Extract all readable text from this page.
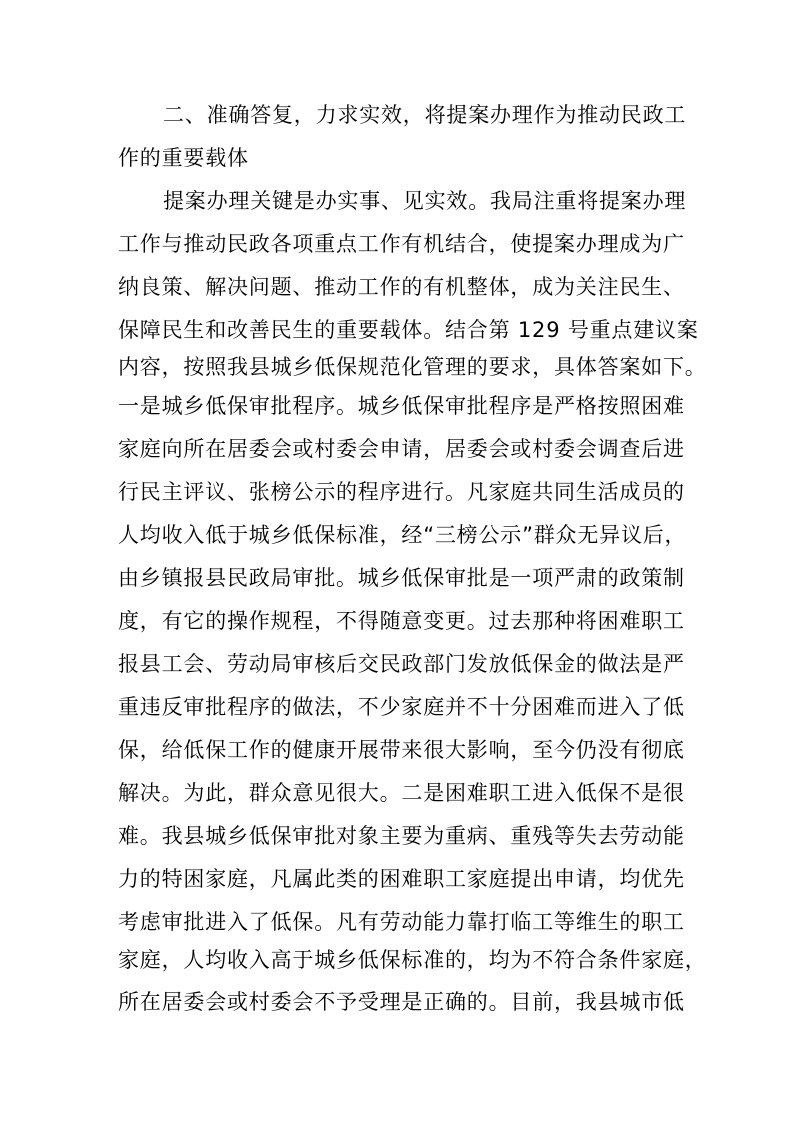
二、准确答复，力求实效，将提案办理作为推动民政工
作的重要载体
提案办理关键是办实事、见实效。我局注重将提案办理
工作与推动民政各项重点工作有机结合，使提案办理成为广
纳良策、解决问题、推动工作的有机整体，成为关注民生、
保障民生和改善民生的重要载体。结合第 129 号重点建议案
内容，按照我县城乡低保规范化管理的要求，具体答案如下。
一是城乡低保审批程序。城乡低保审批程序是严格按照困难
家庭向所在居委会或村委会申请，居委会或村委会调查后进
行民主评议、张榜公示的程序进行。凡家庭共同生活成员的
人均收入低于城乡低保标准，经“三榜公示”群众无异议后，
由乡镇报县民政局审批。城乡低保审批是一项严肃的政策制
度，有它的操作规程，不得随意变更。过去那种将困难职工
报县工会、劳动局审核后交民政部门发放低保金的做法是严
重违反审批程序的做法，不少家庭并不十分困难而进入了低
保，给低保工作的健康开展带来很大影响，至今仍没有彻底
解决。为此，群众意见很大。二是困难职工进入低保不是很
难。我县城乡低保审批对象主要为重病、重残等失去劳动能
力的特困家庭，凡属此类的困难职工家庭提出申请，均优先
考虑审批进入了低保。凡有劳动能力靠打临工等维生的职工
家庭，人均收入高于城乡低保标准的，均为不符合条件家庭，
所在居委会或村委会不予受理是正确的。目前，我县城市低
